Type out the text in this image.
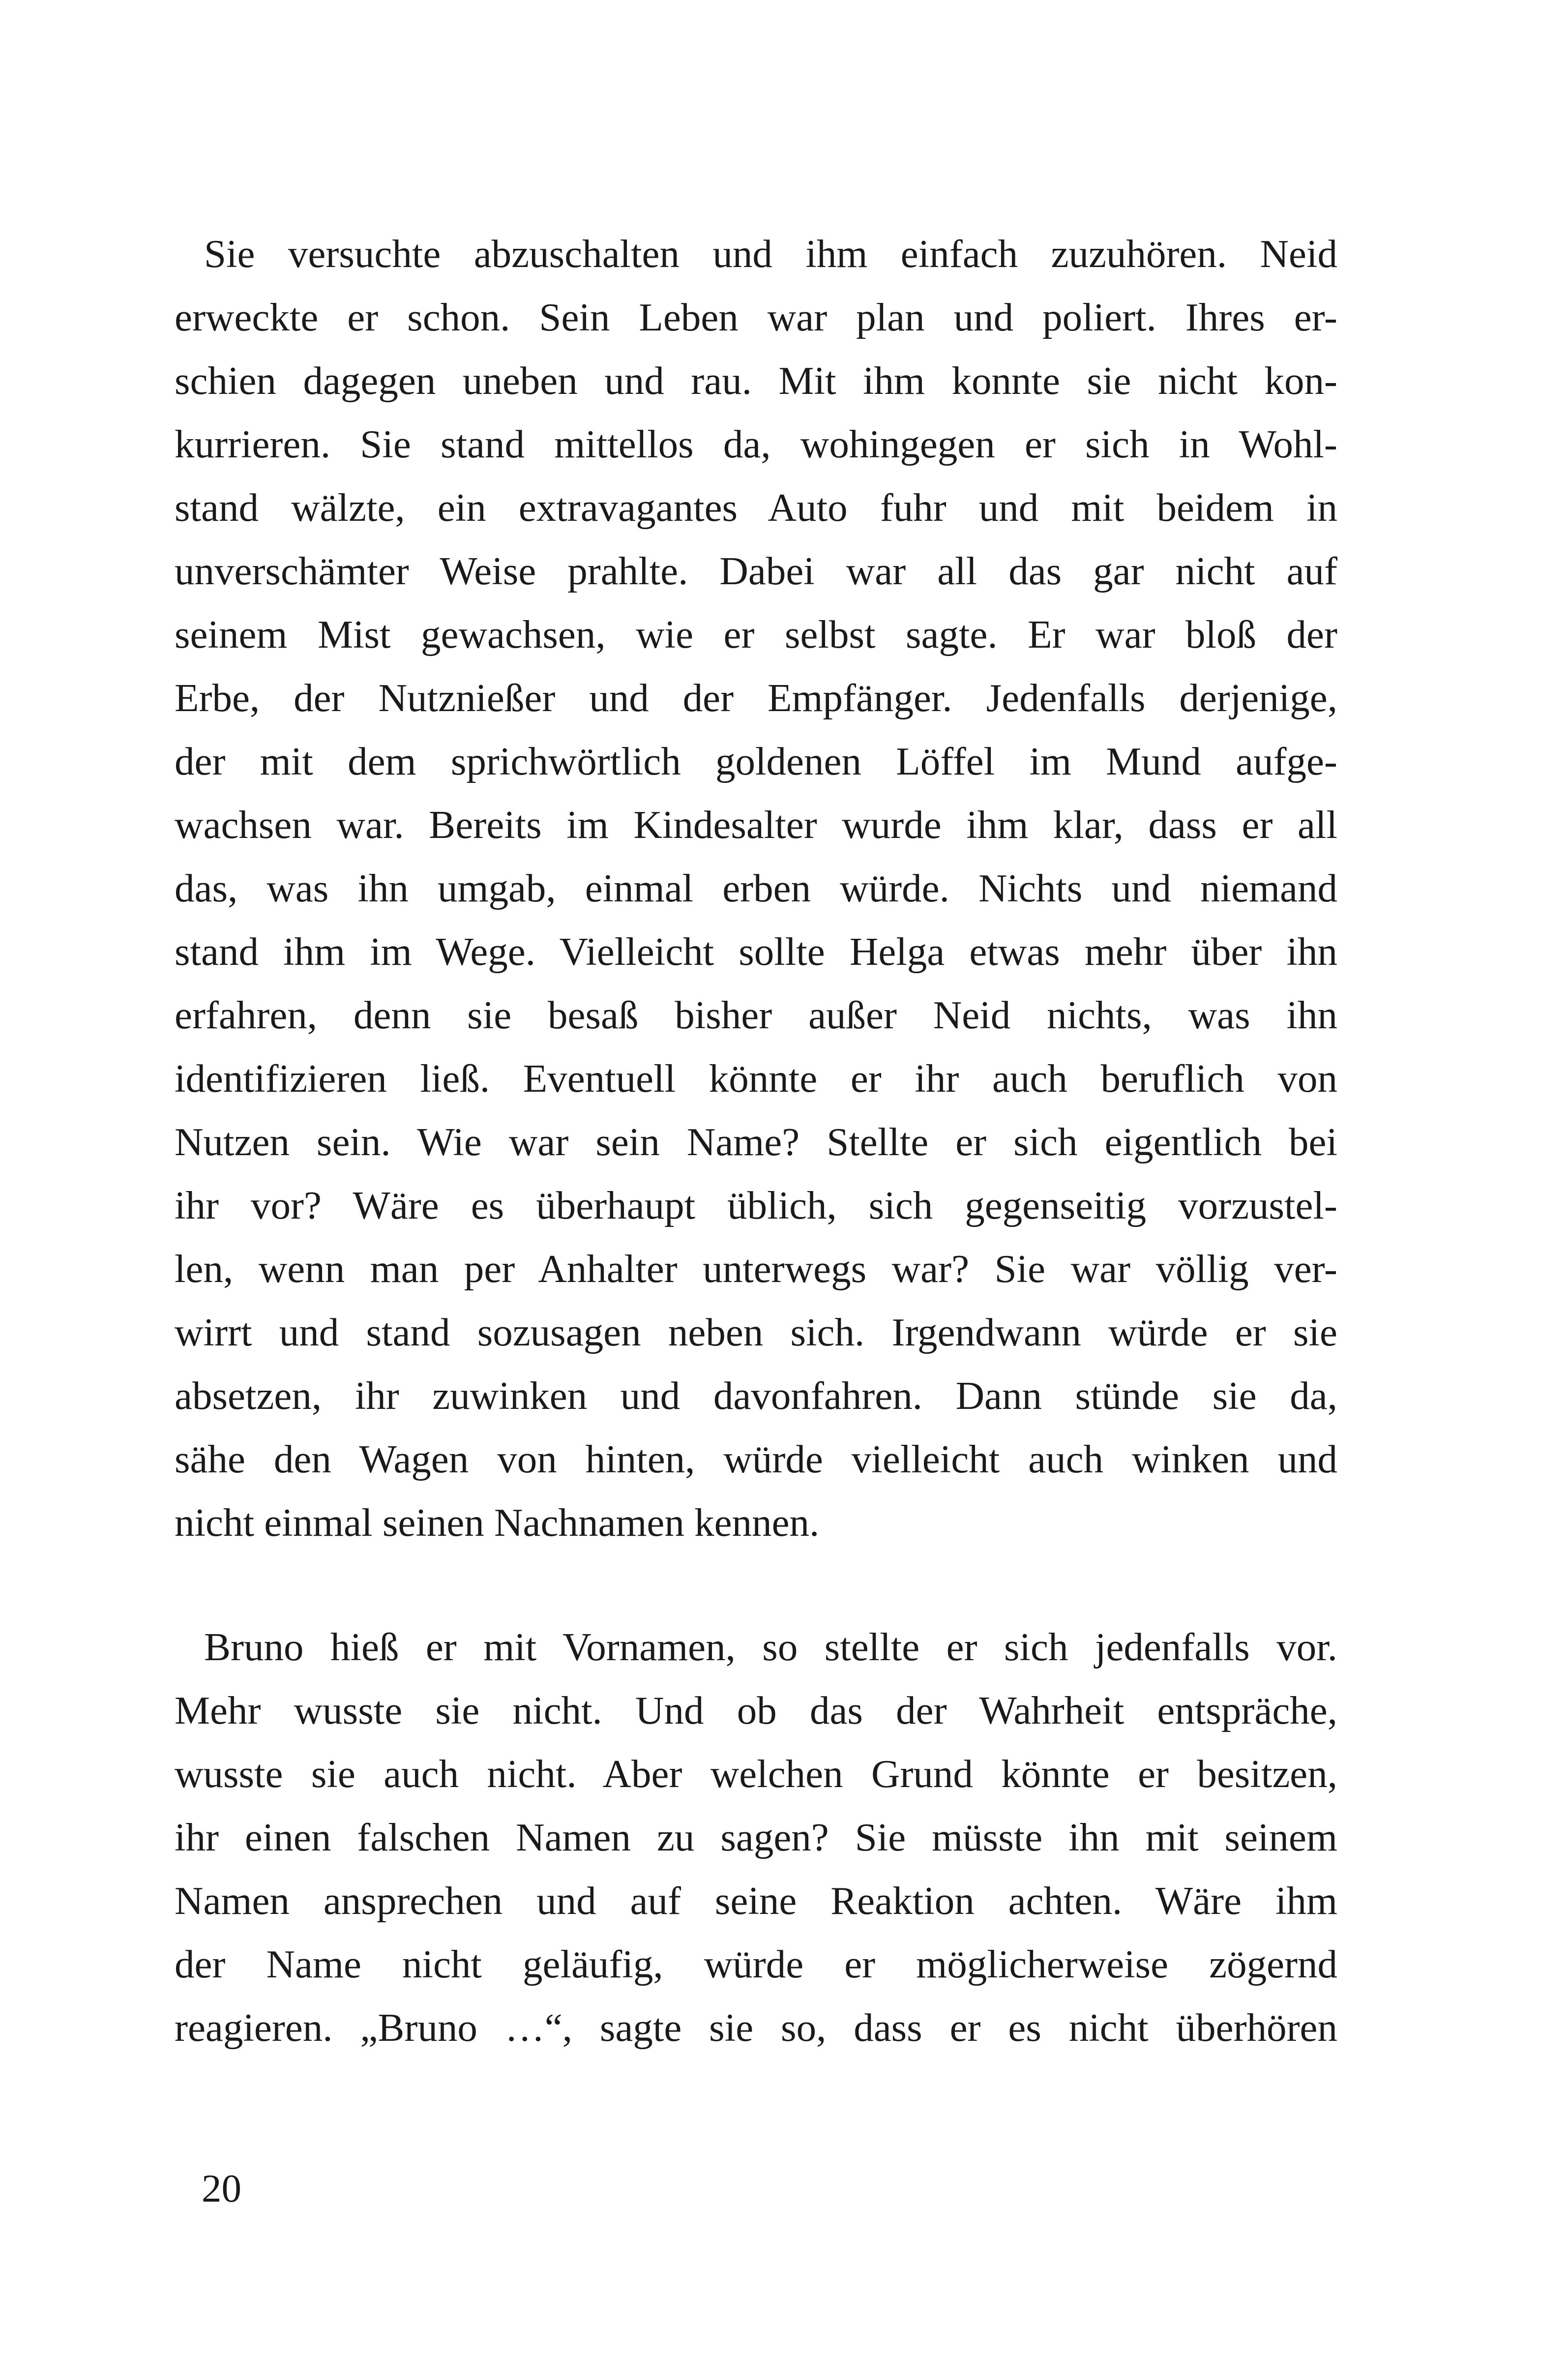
Sie versuchte abzuschalten und ihm einfach zuzuhören. Neid
erweckte er schon. Sein Leben war plan und poliert. Ihres er-
schien dagegen uneben und rau. Mit ihm konnte sie nicht kon-
kurrieren. Sie stand mittellos da, wohingegen er sich in Wohl-
stand wälzte, ein extravagantes Auto fuhr und mit beidem in
unverschämter Weise prahlte. Dabei war all das gar nicht auf
seinem Mist gewachsen, wie er selbst sagte. Er war bloß der
Erbe, der Nutznießer und der Empfänger. Jedenfalls derjenige,
der mit dem sprichwörtlich goldenen Löffel im Mund aufge-
wachsen war. Bereits im Kindesalter wurde ihm klar, dass er all
das, was ihn umgab, einmal erben würde. Nichts und niemand
stand ihm im Wege. Vielleicht sollte Helga etwas mehr über ihn
erfahren, denn sie besaß bisher außer Neid nichts, was ihn
identifizieren ließ. Eventuell könnte er ihr auch beruflich von
Nutzen sein. Wie war sein Name? Stellte er sich eigentlich bei
ihr vor? Wäre es überhaupt üblich, sich gegenseitig vorzustel-
len, wenn man per Anhalter unterwegs war? Sie war völlig ver-
wirrt und stand sozusagen neben sich. Irgendwann würde er sie
absetzen, ihr zuwinken und davonfahren. Dann stünde sie da,
sähe den Wagen von hinten, würde vielleicht auch winken und
nicht einmal seinen Nachnamen kennen.
Bruno hieß er mit Vornamen, so stellte er sich jedenfalls vor.
Mehr wusste sie nicht. Und ob das der Wahrheit entspräche,
wusste sie auch nicht. Aber welchen Grund könnte er besitzen,
ihr einen falschen Namen zu sagen? Sie müsste ihn mit seinem
Namen ansprechen und auf seine Reaktion achten. Wäre ihm
der Name nicht geläufig, würde er möglicherweise zögernd
reagieren. „Bruno …“, sagte sie so, dass er es nicht überhören
20
